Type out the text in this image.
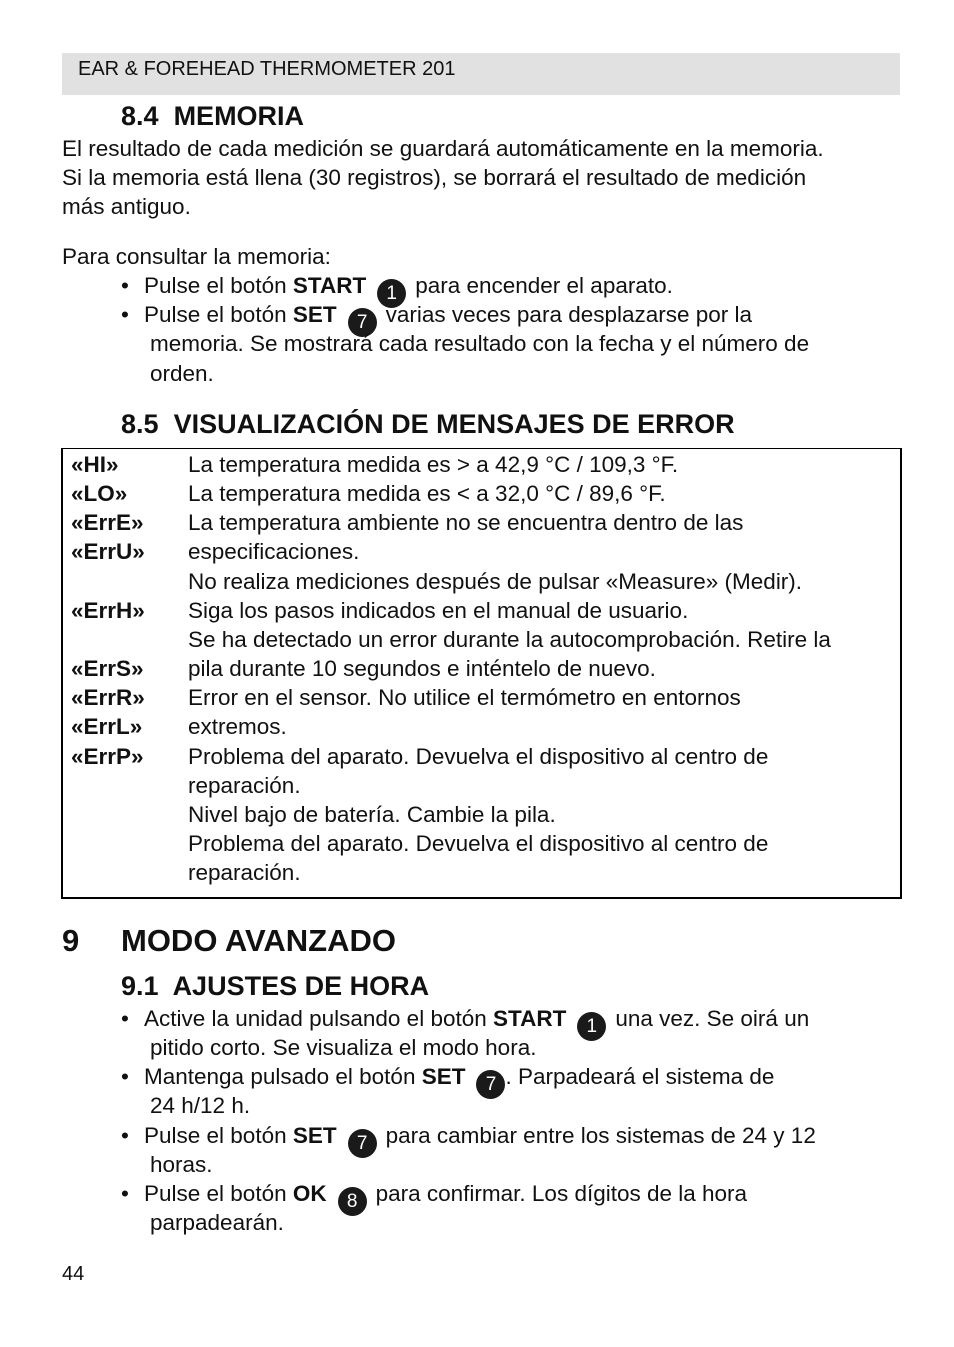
EAR & FOREHEAD THERMOMETER 201
8.4 MEMORIA
El resultado de cada medición se guardará automáticamente en la memoria.
Si la memoria está llena (30 registros), se borrará el resultado de medición
más antiguo.
Para consultar la memoria:
• Pulse el botón START 1 para encender el aparato.
• Pulse el botón SET 7 varias veces para desplazarse por la
memoria. Se mostrará cada resultado con la fecha y el número de
orden.
8.5 VISUALIZACIÓN DE MENSAJES DE ERROR
«HI»
«LO»
«ErrE»
«ErrU»
«ErrH»
«ErrS»
«ErrR»
«ErrL»
«ErrP»
La temperatura medida es > a 42,9 °C / 109,3 °F.
La temperatura medida es < a 32,0 °C / 89,6 °F.
La temperatura ambiente no se encuentra dentro de las
especificaciones.
No realiza mediciones después de pulsar «Measure» (Medir).
Siga los pasos indicados en el manual de usuario.
Se ha detectado un error durante la autocomprobación. Retire la
pila durante 10 segundos e inténtelo de nuevo.
Error en el sensor. No utilice el termómetro en entornos
extremos.
Problema del aparato. Devuelva el dispositivo al centro de
reparación.
Nivel bajo de batería. Cambie la pila.
Problema del aparato. Devuelva el dispositivo al centro de
reparación.
9 MODO AVANZADO
9.1 AJUSTES DE HORA
• Active la unidad pulsando el botón START 1 una vez. Se oirá un
pitido corto. Se visualiza el modo hora.
• Mantenga pulsado el botón SET 7 . Parpadeará el sistema de
24 h/12 h.
• Pulse el botón SET 7 para cambiar entre los sistemas de 24 y 12
horas.
• Pulse el botón OK 8 para confirmar. Los dígitos de la hora
parpadearán.
44
